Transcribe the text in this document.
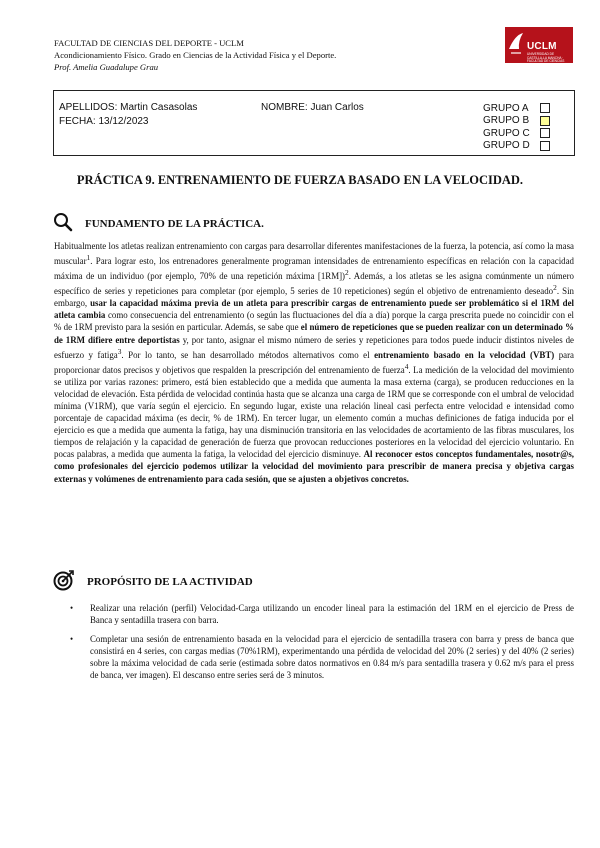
FACULTAD DE CIENCIAS DEL DEPORTE - UCLM
Acondicionamiento Físico. Grado en Ciencias de la Actividad Física y el Deporte.
Prof. Amelia Guadalupe Grau
UCLM
UNIVERSIDAD DE CASTILLA-LA MANCHA · FACULTAD DE CIENCIAS DEL DEPORTE
APELLIDOS: Martin Casasolas
FECHA: 13/12/2023
NOMBRE: Juan Carlos	GRUPO A
GRUPO B
GRUPO C
GRUPO D
PRÁCTICA 9. ENTRENAMIENTO DE FUERZA BASADO EN LA VELOCIDAD.
FUNDAMENTO DE LA PRÁCTICA.

Habitualmente los atletas realizan entrenamiento con cargas para desarrollar diferentes manifestaciones de la fuerza, la potencia, así como la masa muscular$^1$. Para lograr esto, los entrenadores generalmente programan intensidades de entrenamiento específicas en relación con la capacidad máxima de un individuo (por ejemplo, 70% de una repetición máxima [1RM])$^2$. Además, a los atletas se les asigna comúnmente un número específico de series y repeticiones para completar (por ejemplo, 5 series de 10 repeticiones) según el objetivo de entrenamiento deseado$^2$. Sin embargo, usar la capacidad máxima previa de un atleta para prescribir cargas de entrenamiento puede ser problemático si el 1RM del atleta cambia como consecuencia del entrenamiento (o según las fluctuaciones del día a día) porque la carga prescrita puede no coincidir con el % de 1RM previsto para la sesión en particular. Además, se sabe que el número de repeticiones que se pueden realizar con un determinado % de 1RM difiere entre deportistas y, por tanto, asignar el mismo número de series y repeticiones para todos puede inducir distintos niveles de esfuerzo y fatiga$^3$. Por lo tanto, se han desarrollado métodos alternativos como el entrenamiento basado en la velocidad (VBT) para proporcionar datos precisos y objetivos que respalden la prescripción del entrenamiento de fuerza$^4$. La medición de la velocidad del movimiento se utiliza por varias razones: primero, está bien establecido que a medida que aumenta la masa externa (carga), se producen reducciones en la velocidad de elevación. Esta pérdida de velocidad continúa hasta que se alcanza una carga de 1RM que se corresponde con el umbral de velocidad mínima (V1RM), que varía según el ejercicio. En segundo lugar, existe una relación lineal casi perfecta entre velocidad e intensidad como porcentaje de capacidad máxima (es decir, % de 1RM). En tercer lugar, un elemento común a muchas definiciones de fatiga inducida por el ejercicio es que a medida que aumenta la fatiga, hay una disminución transitoria en las velocidades de acortamiento de las fibras musculares, los tiempos de relajación y la capacidad de generación de fuerza que provocan reducciones posteriores en la velocidad del ejercicio voluntario. En pocas palabras, a medida que aumenta la fatiga, la velocidad del ejercicio disminuye. Al reconocer estos conceptos fundamentales, nosotr@s, como profesionales del ejercicio podemos utilizar la velocidad del movimiento para prescribir de manera precisa y objetiva cargas externas y volúmenes de entrenamiento para cada sesión, que se ajusten a objetivos concretos.

PROPÓSITO DE LA ACTIVIDAD
• Realizar una relación (perfil) Velocidad-Carga utilizando un encoder lineal para la estimación del 1RM en el ejercicio de Press de Banca y sentadilla trasera con barra.
• Completar una sesión de entrenamiento basada en la velocidad para el ejercicio de sentadilla trasera con barra y press de banca que consistirá en 4 series, con cargas medias (70%1RM), experimentando una pérdida de velocidad del 20% (2 series) y del 40% (2 series) sobre la máxima velocidad de cada serie (estimada sobre datos normativos en 0.84 m/s para sentadilla trasera y 0.62 m/s para el press de banca, ver imagen). El descanso entre series será de 3 minutos.
